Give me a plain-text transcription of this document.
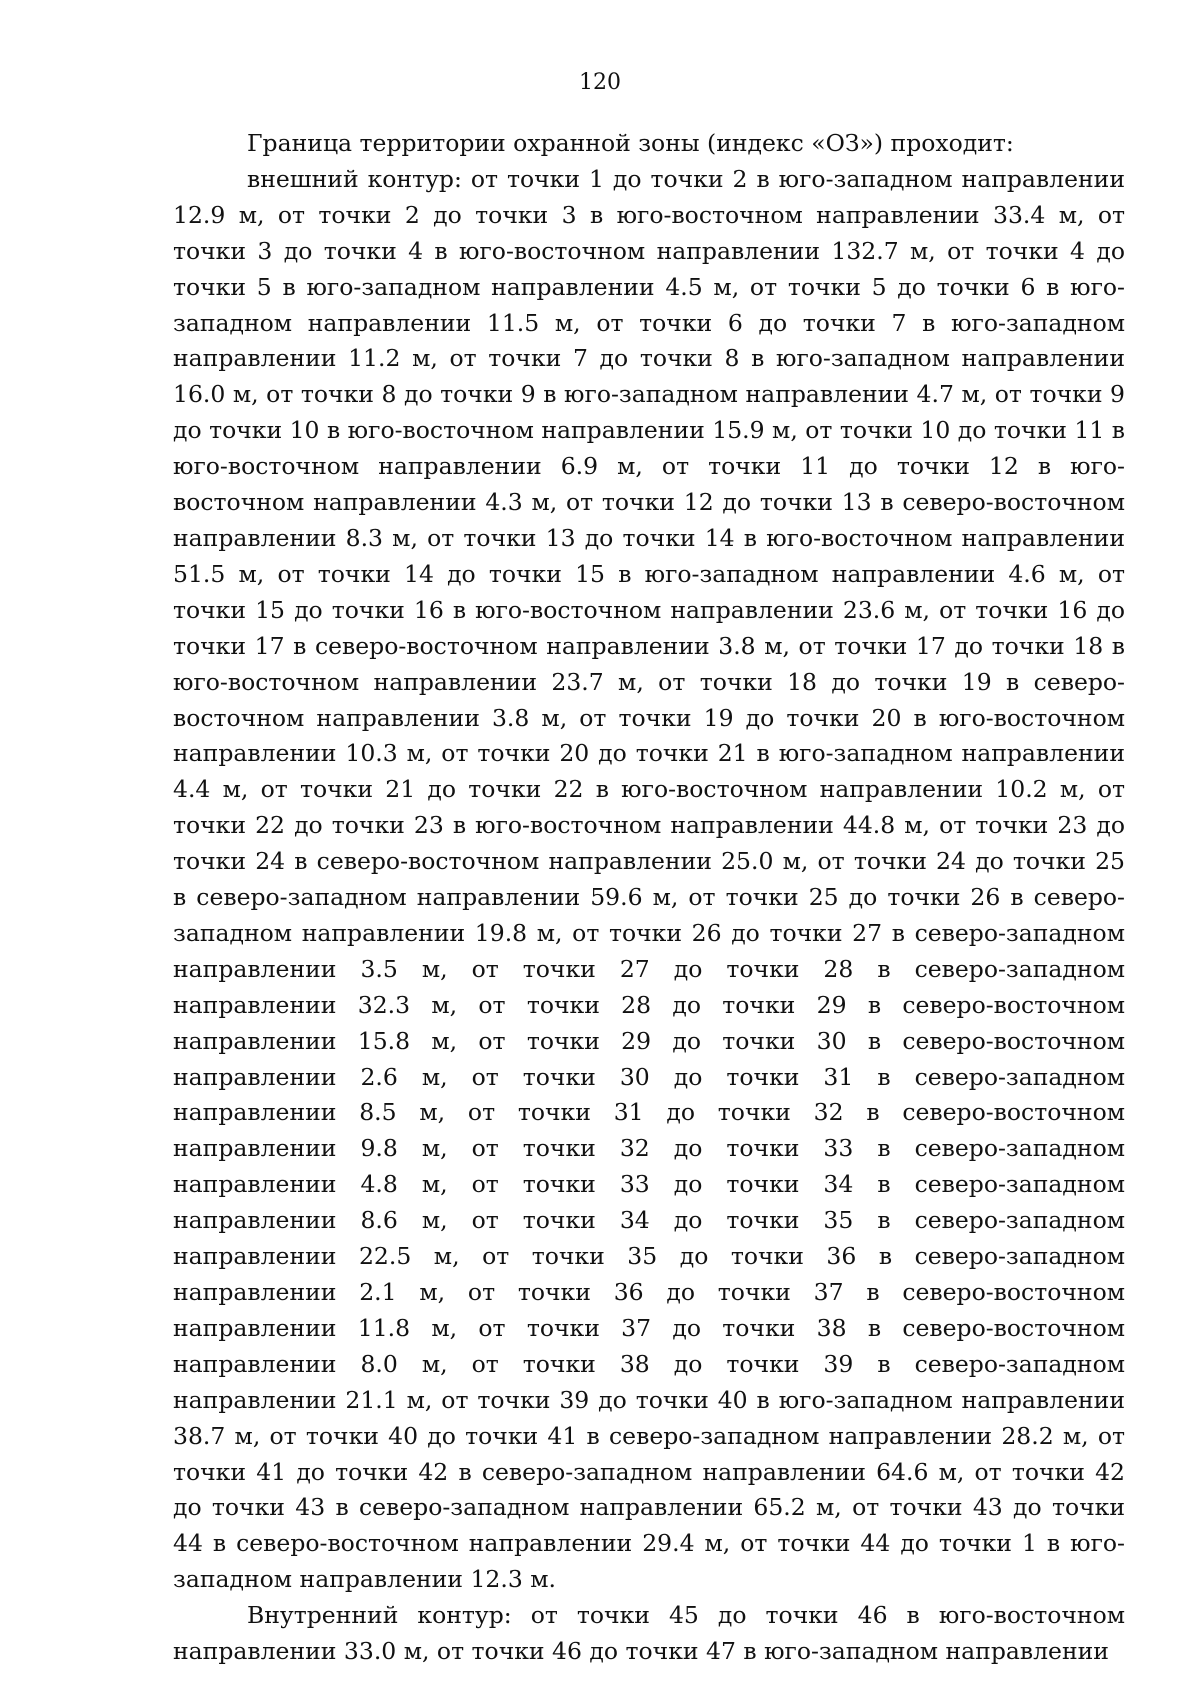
120

Граница территории охранной зоны (индекс «ОЗ») проходит:

внешний контур: от точки 1 до точки 2 в юго-западном направлении 12.9 м, от точки 2 до точки 3 в юго-восточном направлении 33.4 м, от точки 3 до точки 4 в юго-восточном направлении 132.7 м, от точки 4 до точки 5 в юго-западном направлении 4.5 м, от точки 5 до точки 6 в юго-западном направлении 11.5 м, от точки 6 до точки 7 в юго-западном направлении 11.2 м, от точки 7 до точки 8 в юго-западном направлении 16.0 м, от точки 8 до точки 9 в юго-западном направлении 4.7 м, от точки 9 до точки 10 в юго-восточном направлении 15.9 м, от точки 10 до точки 11 в юго-восточном направлении 6.9 м, от точки 11 до точки 12 в юго-восточном направлении 4.3 м, от точки 12 до точки 13 в северо-восточном направлении 8.3 м, от точки 13 до точки 14 в юго-восточном направлении 51.5 м, от точки 14 до точки 15 в юго-западном направлении 4.6 м, от точки 15 до точки 16 в юго-восточном направлении 23.6 м, от точки 16 до точки 17 в северо-восточном направлении 3.8 м, от точки 17 до точки 18 в юго-восточном направлении 23.7 м, от точки 18 до точки 19 в северо-восточном направлении 3.8 м, от точки 19 до точки 20 в юго-восточном направлении 10.3 м, от точки 20 до точки 21 в юго-западном направлении 4.4 м, от точки 21 до точки 22 в юго-восточном направлении 10.2 м, от точки 22 до точки 23 в юго-восточном направлении 44.8 м, от точки 23 до точки 24 в северо-восточном направлении 25.0 м, от точки 24 до точки 25 в северо-западном направлении 59.6 м, от точки 25 до точки 26 в северо-западном направлении 19.8 м, от точки 26 до точки 27 в северо-западном направлении 3.5 м, от точки 27 до точки 28 в северо-западном направлении 32.3 м, от точки 28 до точки 29 в северо-восточном направлении 15.8 м, от точки 29 до точки 30 в северо-восточном направлении 2.6 м, от точки 30 до точки 31 в северо-западном направлении 8.5 м, от точки 31 до точки 32 в северо-восточном направлении 9.8 м, от точки 32 до точки 33 в северо-западном направлении 4.8 м, от точки 33 до точки 34 в северо-западном направлении 8.6 м, от точки 34 до точки 35 в северо-западном направлении 22.5 м, от точки 35 до точки 36 в северо-западном направлении 2.1 м, от точки 36 до точки 37 в северо-восточном направлении 11.8 м, от точки 37 до точки 38 в северо-восточном направлении 8.0 м, от точки 38 до точки 39 в северо-западном направлении 21.1 м, от точки 39 до точки 40 в юго-западном направлении 38.7 м, от точки 40 до точки 41 в северо-западном направлении 28.2 м, от точки 41 до точки 42 в северо-западном направлении 64.6 м, от точки 42 до точки 43 в северо-западном направлении 65.2 м, от точки 43 до точки 44 в северо-восточном направлении 29.4 м, от точки 44 до точки 1 в юго-западном направлении 12.3 м.

Внутренний контур: от точки 45 до точки 46 в юго-восточном направлении 33.0 м, от точки 46 до точки 47 в юго-западном направлении
